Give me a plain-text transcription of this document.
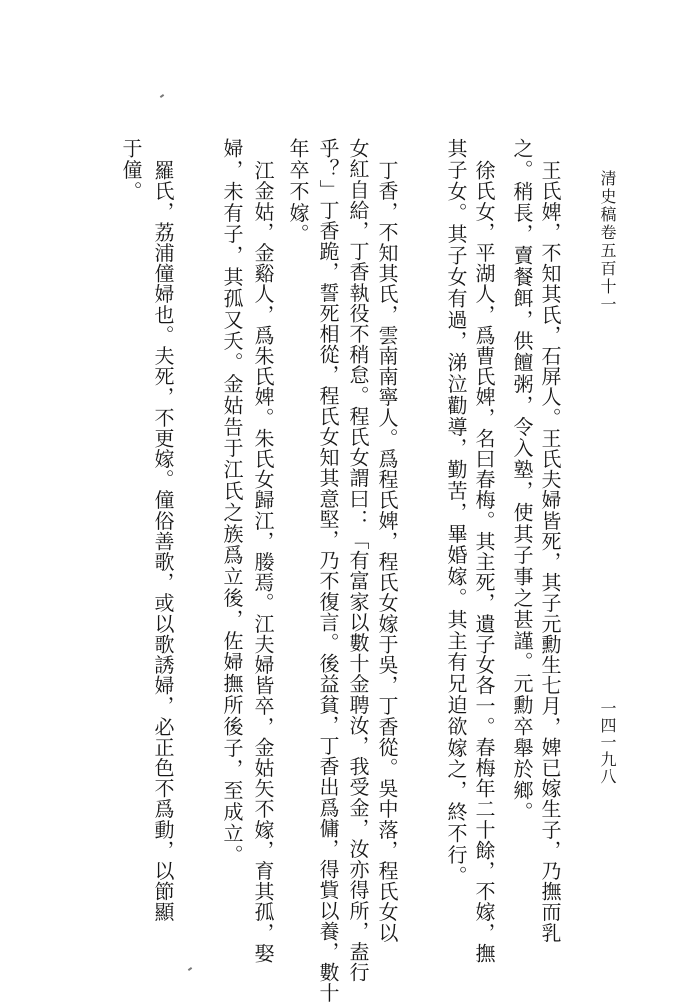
清史稿卷五百十一
一四一九八
王氏婢，不知其氏，石屏人。王氏夫婦皆死，其子元勳生七月，婢已嫁生子，乃撫而乳
之。稍長，賣餐餌，供饘粥，令入塾，使其子事之甚謹。元勳卒舉於鄉。
徐氏女，平湖人，爲曹氏婢，名曰春梅。其主死，遺子女各一。春梅年二十餘，不嫁，撫
其子女。其子女有過，涕泣勸導，勤苦，畢婚嫁。其主有兄迫欲嫁之，終不行。
丁香，不知其氏，雲南南寧人。爲程氏婢，程氏女嫁于吳，丁香從。吳中落，程氏女以
女紅自給，丁香執役不稍怠。程氏女謂曰：「有富家以數十金聘汝，我受金，汝亦得所，盍行
乎？」丁香跪，誓死相從，程氏女知其意堅，乃不復言。後益貧，丁香出爲傭，得貲以養，數十
年卒不嫁。
江金姑，金谿人，爲朱氏婢。朱氏女歸江，媵焉。江夫婦皆卒，金姑矢不嫁，育其孤，娶
婦，未有子，其孤又夭。金姑告于江氏之族爲立後，佐婦撫所後子，至成立。
羅氏，荔浦僮婦也。夫死，不更嫁。僮俗善歌，或以歌誘婦，必正色不爲動，以節顯
于僮。
